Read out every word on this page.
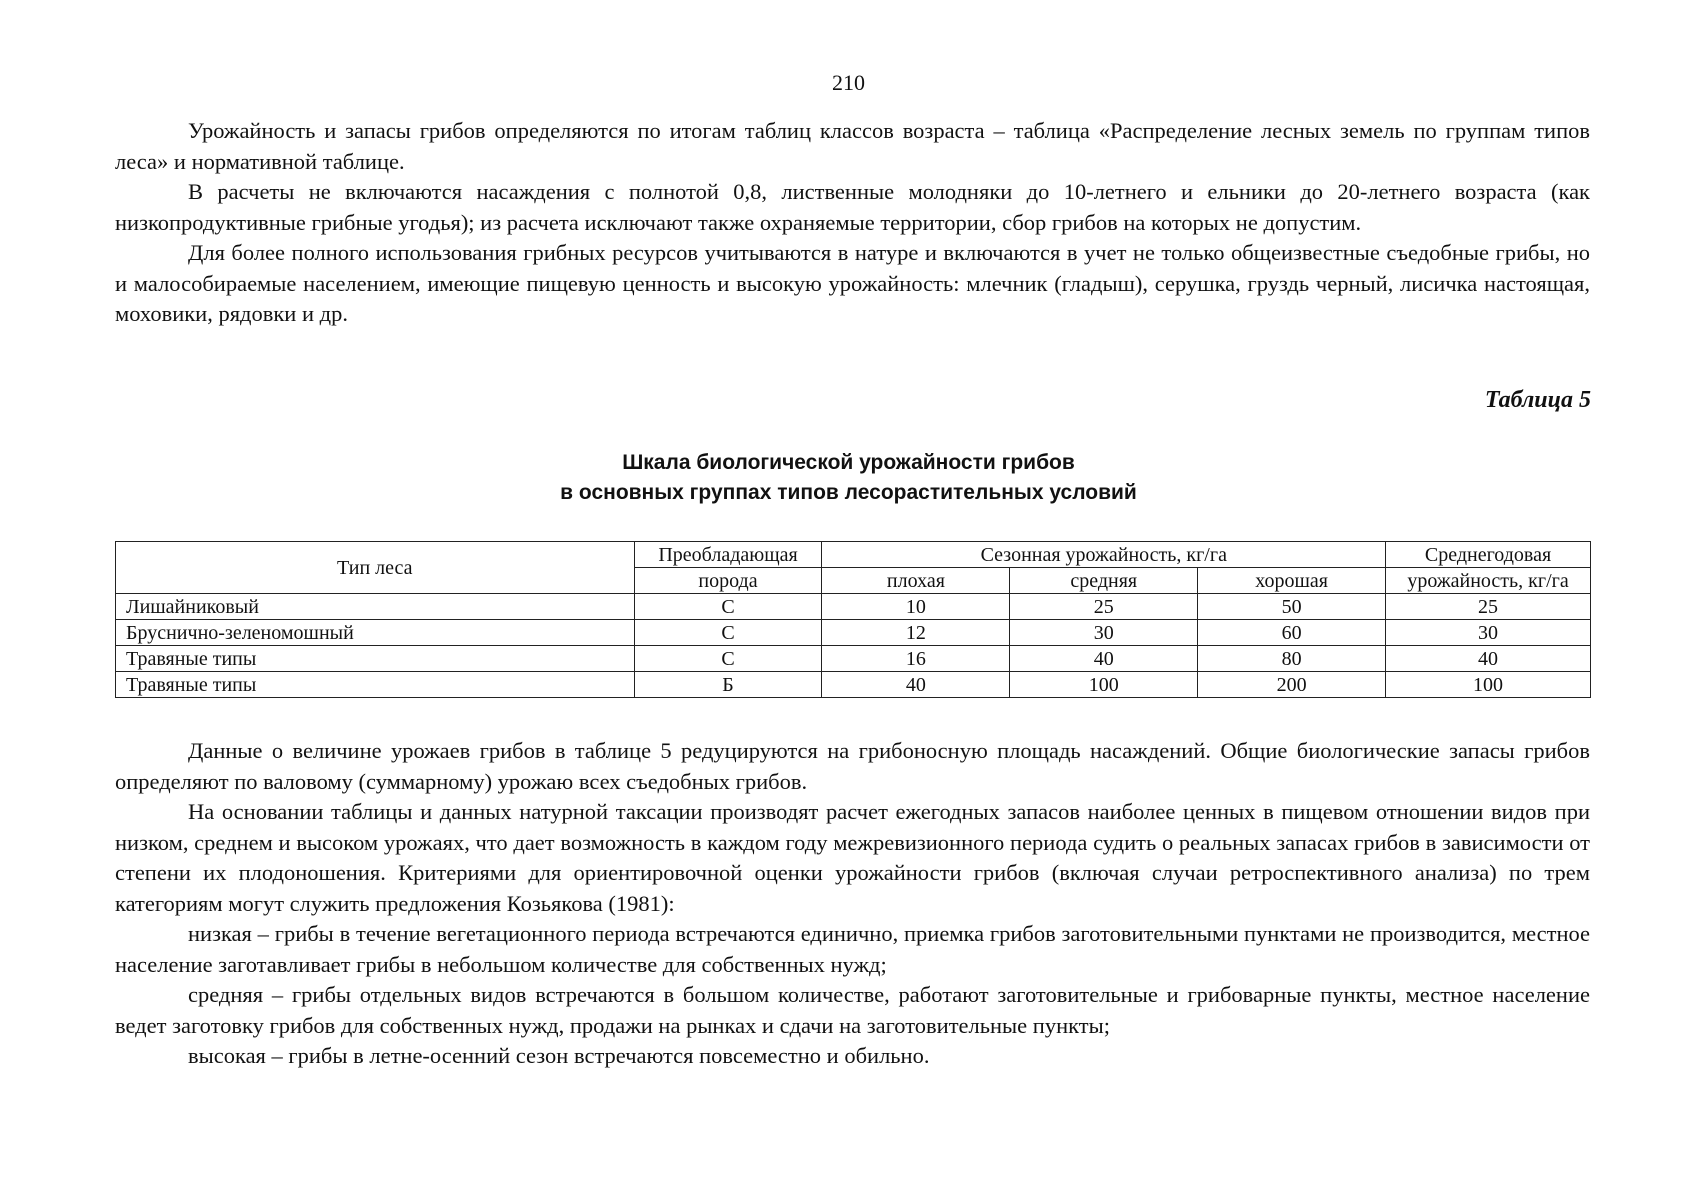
210

Урожайность и запасы грибов определяются по итогам таблиц классов возраста – таблица «Распределение лесных земель по группам типов леса» и нормативной таблице.

В расчеты не включаются насаждения с полнотой 0,8, лиственные молодняки до 10-летнего и ельники до 20-летнего возраста (как низкопродуктивные грибные угодья); из расчета исключают также охраняемые территории, сбор грибов на которых не допустим.

Для более полного использования грибных ресурсов учитываются в натуре и включаются в учет не только общеизвестные съедобные грибы, но и малособираемые населением, имеющие пищевую ценность и высокую урожайность: млечник (гладыш), серушка, груздь черный, лисичка настоящая, моховики, рядовки и др.

Таблица 5
Шкала биологической урожайности грибов
в основных группах типов лесорастительных условий
Тип леса	Преобладающая	Сезонная урожайность, кг/га			Среднегодовая
	порода	плохая	средняя	хорошая	урожайность, кг/га
Лишайниковый	С	10	25	50	25
Бруснично-зеленомошный	С	12	30	60	30
Травяные типы	С	16	40	80	40
Травяные типы	Б	40	100	200	100

Данные о величине урожаев грибов в таблице 5 редуцируются на грибоносную площадь насаждений. Общие биологические запасы грибов определяют по валовому (суммарному) урожаю всех съедобных грибов.

На основании таблицы и данных натурной таксации производят расчет ежегодных запасов наиболее ценных в пищевом отношении видов при низком, среднем и высоком урожаях, что дает возможность в каждом году межревизионного периода судить о реальных запасах грибов в зависимости от степени их плодоношения. Критериями для ориентировочной оценки урожайности грибов (включая случаи ретроспективного анализа) по трем категориям могут служить предложения Козьякова (1981):

низкая – грибы в течение вегетационного периода встречаются единично, приемка грибов заготовительными пунктами не производится, местное население заготавливает грибы в небольшом количестве для собственных нужд;

средняя – грибы отдельных видов встречаются в большом количестве, работают заготовительные и грибоварные пункты, местное население ведет заготовку грибов для собственных нужд, продажи на рынках и сдачи на заготовительные пункты;

высокая – грибы в летне-осенний сезон встречаются повсеместно и обильно.
